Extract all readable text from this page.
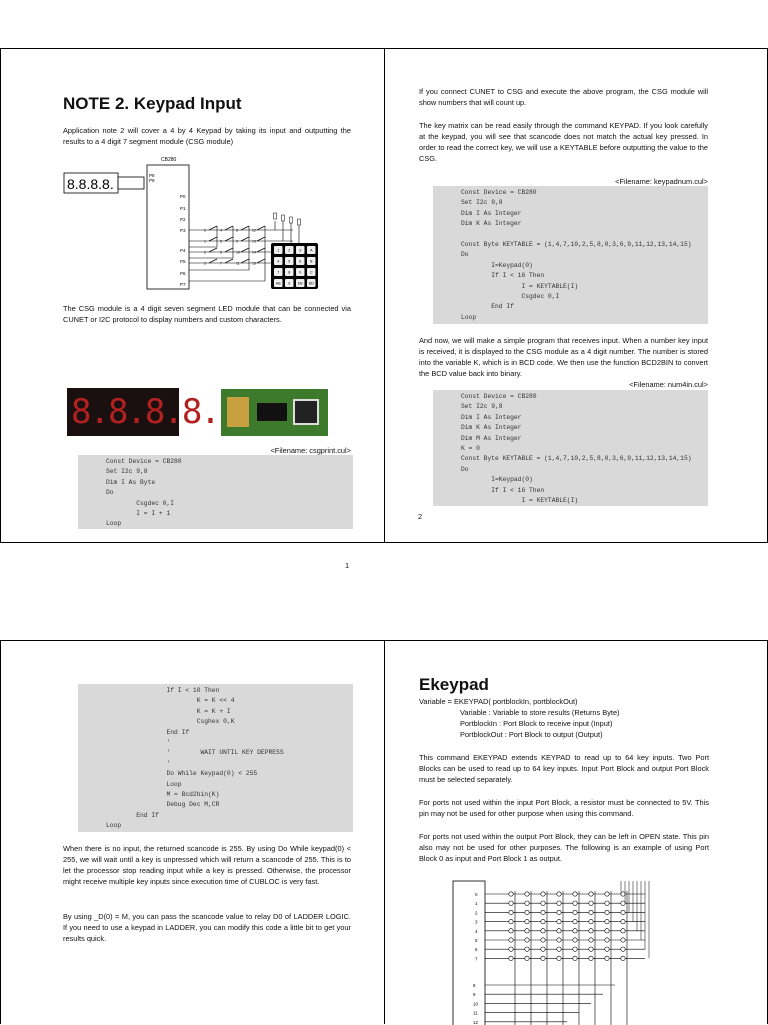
NOTE 2. Keypad Input
Application note 2 will cover a 4 by 4 Keypad by taking its input and outputting the results to a 4 digit 7 segment module (CSG module)
8.8.8.8.
CB280
P8
P9
P0
P1
P2
P3
P4
P5
P6
P7
0	4	8	12
1	5	9	13
2	6	10	14
3	7	11	15
1	2	3	A
4	5	6	B
7	8	9	C
AB 0 EB DD
The CSG module is a 4 digit seven segment LED module that can be connected via CUNET or I2C protocol to display numbers and custom characters.
8.8.8.8.
<Filename: csgprint.cul>
Const Device = CB280
Set I2c 9,8
Dim I As Byte
Do
Csgdec 0,I
I = I + 1
Loop
1
If you connect CUNET to CSG and execute the above program, the CSG module will show numbers that will count up.
The key matrix can be read easily through the command KEYPAD. If you look carefully at the keypad, you will see that scancode does not match the actual key pressed. In order to read the correct key, we will use a KEYTABLE before outputting the value to the CSG.
<Filename: keypadnum.cul>
Const Device = CB280
Set I2c 9,8
Dim I As Integer
Dim K As Integer

Const Byte KEYTABLE = (1,4,7,10,2,5,8,0,3,6,9,11,12,13,14,15)
Do
I=Keypad(0)
If I < 16 Then
I = KEYTABLE(I)
Csgdec 0,I
End If
Loop
And now, we will make a simple program that receives input. When a number key input is received, it is displayed to the CSG module as a 4 digit number. The number is stored into the variable K, which is in BCD code. We then use the function BCD2BIN to convert the BCD value back into binary.
<Filename: num4in.cul>
Const Device = CB280
Set I2c 9,8
Dim I As Integer
Dim K As Integer
Dim M As Integer
K = 0
Const Byte KEYTABLE = (1,4,7,10,2,5,8,0,3,6,9,11,12,13,14,15)
Do
I=Keypad(0)
If I < 16 Then
I = KEYTABLE(I)
2
If I < 10 Then
K = K << 4
K = K + I
Csghex 0,K
End If
'
'        WAIT UNTIL KEY DEPRESS
'
Do While Keypad(0) < 255
Loop
M = Bcd2bin(K)
Debug Dec M,CR
End If
Loop
When there is no input, the returned scancode is 255. By using Do While keypad(0) < 255, we will wait until a key is unpressed which will return a scancode of 255. This is to let the processor stop reading input while a key is pressed. Otherwise, the processor might receive multiple key inputs since execution time of CUBLOC is very fast.
By using _D(0) = M, you can pass the scancode value to relay D0 of LADDER LOGIC. If you need to use a keypad in LADDER, you can modify this code a little bit to get your results quick.
Ekeypad
Variable = EKEYPAD( portblockIn, portblockOut)
Variable : Variable to store results (Returns Byte)
PortblockIn : Port Block to receive input (Input)
PortblockOut : Port Block to output (Output)
This command EKEYPAD extends KEYPAD to read up to 64 key inputs. Two Port Blocks can be used to read up to 64 key inputs. Input Port Block and output Port Block must be selected separately.
For ports not used within the input Port Block, a resistor must be connected to 5V. This pin may not be used for other purpose when using this command.
For ports not used within the output Port Block, they can be left in OPEN state. This pin also may not be used for other purposes. The following is an example of using Port Block 0 as input and Port Block 1 as output.
0
1
2
3
4
5
6
7
8
9
10
11
12
